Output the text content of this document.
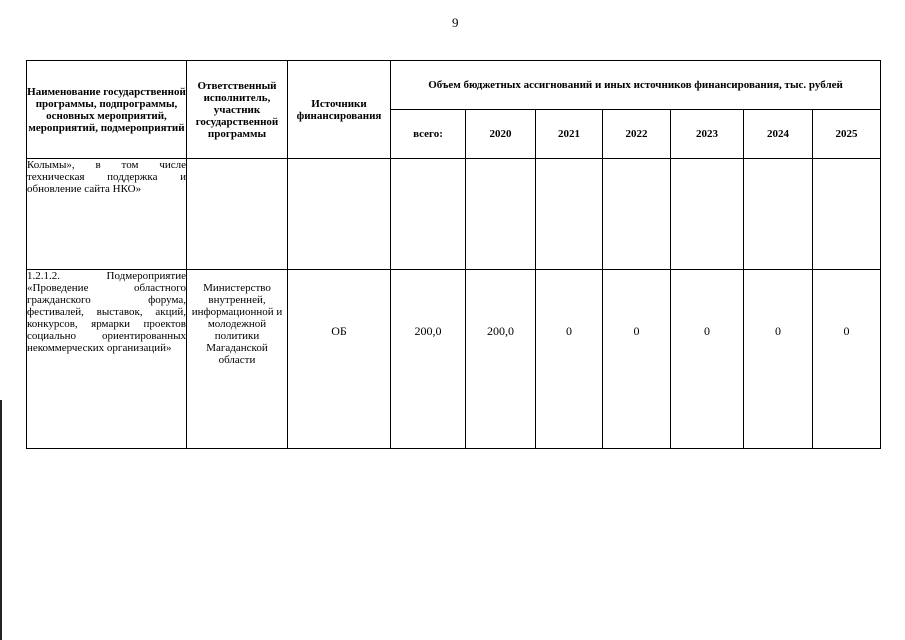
9
Наименование государственной программы, подпрограммы, основных мероприятий, мероприятий, подмероприятий	Ответственный исполнитель, участник государственной программы	Источники финансирования	Объем бюджетных ассигнований и иных источников финансирования, тыс. рублей						
			всего:	2020	2021	2022	2023	2024	2025
Колымы», в том числе техническая поддержка и обновление сайта НКО»									
1.2.1.2. Подмероприятие «Проведение областного гражданского форума, фестивалей, выставок, акций, конкурсов, ярмарки проектов социально ориентированных некоммерческих организаций»	Министерство внутренней, информационной и молодежной политики Магаданской области	ОБ	200,0	200,0	0	0	0	0	0
